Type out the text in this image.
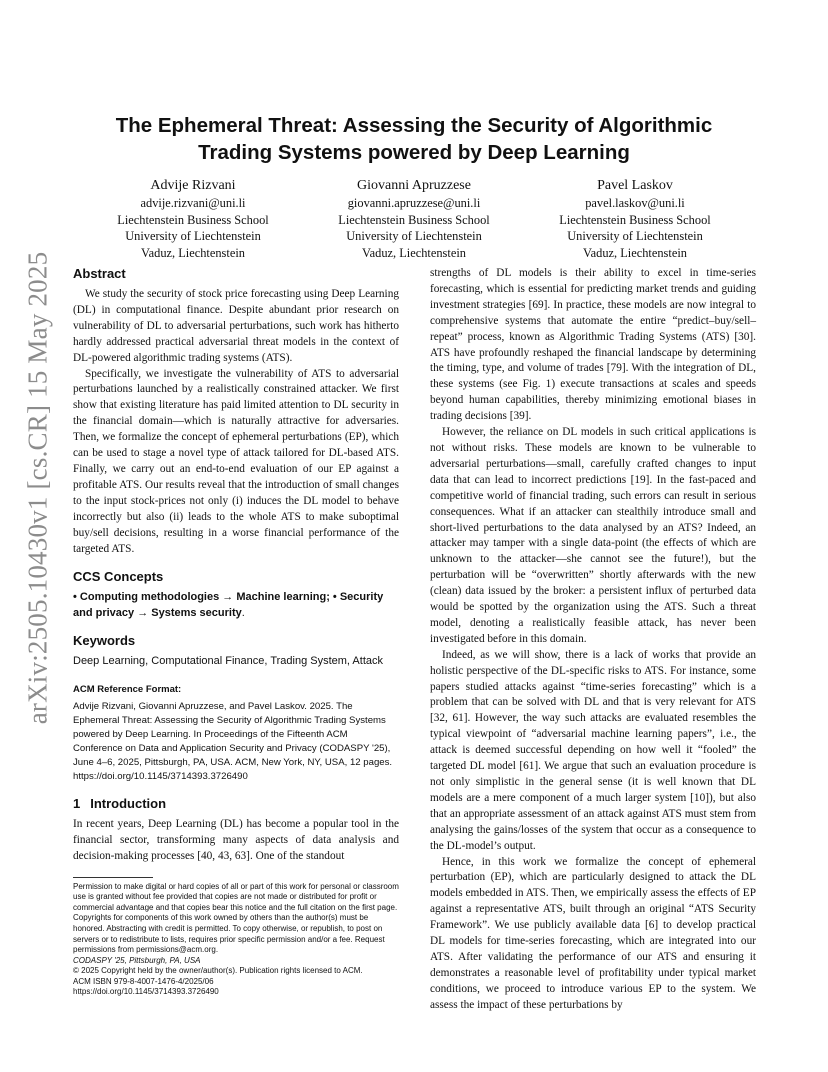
arXiv:2505.10430v1 [cs.CR] 15 May 2025
The Ephemeral Threat: Assessing the Security of Algorithmic
Trading Systems powered by Deep Learning
Advije Rizvani
advije.rizvani@uni.li
Liechtenstein Business School
University of Liechtenstein
Vaduz, Liechtenstein
Giovanni Apruzzese
giovanni.apruzzese@uni.li
Liechtenstein Business School
University of Liechtenstein
Vaduz, Liechtenstein
Pavel Laskov
pavel.laskov@uni.li
Liechtenstein Business School
University of Liechtenstein
Vaduz, Liechtenstein
Abstract

We study the security of stock price forecasting using Deep Learning (DL) in computational finance. Despite abundant prior research on vulnerability of DL to adversarial perturbations, such work has hitherto hardly addressed practical adversarial threat models in the context of DL-powered algorithmic trading systems (ATS).

Specifically, we investigate the vulnerability of ATS to adversarial perturbations launched by a realistically constrained attacker. We first show that existing literature has paid limited attention to DL security in the financial domain—which is naturally attractive for adversaries. Then, we formalize the concept of ephemeral perturbations (EP), which can be used to stage a novel type of attack tailored for DL-based ATS. Finally, we carry out an end-to-end evaluation of our EP against a profitable ATS. Our results reveal that the introduction of small changes to the input stock-prices not only (i) induces the DL model to behave incorrectly but also (ii) leads to the whole ATS to make suboptimal buy/sell decisions, resulting in a worse financial performance of the targeted ATS.

CCS Concepts
• Computing methodologies → Machine learning; • Security and privacy → Systems security.
Keywords
Deep Learning, Computational Finance, Trading System, Attack
ACM Reference Format:
Advije Rizvani, Giovanni Apruzzese, and Pavel Laskov. 2025. The Ephemeral Threat: Assessing the Security of Algorithmic Trading Systems powered by Deep Learning. In Proceedings of the Fifteenth ACM Conference on Data and Application Security and Privacy (CODASPY '25), June 4–6, 2025, Pittsburgh, PA, USA. ACM, New York, NY, USA, 12 pages. https://doi.org/10.1145/3714393.3726490
1 Introduction

In recent years, Deep Learning (DL) has become a popular tool in the financial sector, transforming many aspects of data analysis and decision-making processes [40, 43, 63]. One of the standout

Permission to make digital or hard copies of all or part of this work for personal or classroom use is granted without fee provided that copies are not made or distributed for profit or commercial advantage and that copies bear this notice and the full citation on the first page. Copyrights for components of this work owned by others than the author(s) must be honored. Abstracting with credit is permitted. To copy otherwise, or republish, to post on servers or to redistribute to lists, requires prior specific permission and/or a fee. Request permissions from permissions@acm.org.
CODASPY '25, Pittsburgh, PA, USA
© 2025 Copyright held by the owner/author(s). Publication rights licensed to ACM.
ACM ISBN 979-8-4007-1476-4/2025/06
https://doi.org/10.1145/3714393.3726490

strengths of DL models is their ability to excel in time-series forecasting, which is essential for predicting market trends and guiding investment strategies [69]. In practice, these models are now integral to comprehensive systems that automate the entire “predict–buy/sell–repeat” process, known as Algorithmic Trading Systems (ATS) [30]. ATS have profoundly reshaped the financial landscape by determining the timing, type, and volume of trades [79]. With the integration of DL, these systems (see Fig. 1) execute transactions at scales and speeds beyond human capabilities, thereby minimizing emotional biases in trading decisions [39].

However, the reliance on DL models in such critical applications is not without risks. These models are known to be vulnerable to adversarial perturbations—small, carefully crafted changes to input data that can lead to incorrect predictions [19]. In the fast-paced and competitive world of financial trading, such errors can result in serious consequences. What if an attacker can stealthily introduce small and short-lived perturbations to the data analysed by an ATS? Indeed, an attacker may tamper with a single data-point (the effects of which are unknown to the attacker—she cannot see the future!), but the perturbation will be “overwritten” shortly afterwards with the new (clean) data issued by the broker: a persistent influx of perturbed data would be spotted by the organization using the ATS. Such a threat model, denoting a realistically feasible attack, has never been investigated before in this domain.

Indeed, as we will show, there is a lack of works that provide an holistic perspective of the DL-specific risks to ATS. For instance, some papers studied attacks against “time-series forecasting” which is a problem that can be solved with DL and that is very relevant for ATS [32, 61]. However, the way such attacks are evaluated resembles the typical viewpoint of “adversarial machine learning papers”, i.e., the attack is deemed successful depending on how well it “fooled” the targeted DL model [61]. We argue that such an evaluation procedure is not only simplistic in the general sense (it is well known that DL models are a mere component of a much larger system [10]), but also that an appropriate assessment of an attack against ATS must stem from analysing the gains/losses of the system that occur as a consequence to the DL-model’s output.

Hence, in this work we formalize the concept of ephemeral perturbation (EP), which are particularly designed to attack the DL models embedded in ATS. Then, we empirically assess the effects of EP against a representative ATS, built through an original “ATS Security Framework”. We use publicly available data [6] to develop practical DL models for time-series forecasting, which are integrated into our ATS. After validating the performance of our ATS and ensuring it demonstrates a reasonable level of profitability under typical market conditions, we proceed to introduce various EP to the system. We assess the impact of these perturbations by
